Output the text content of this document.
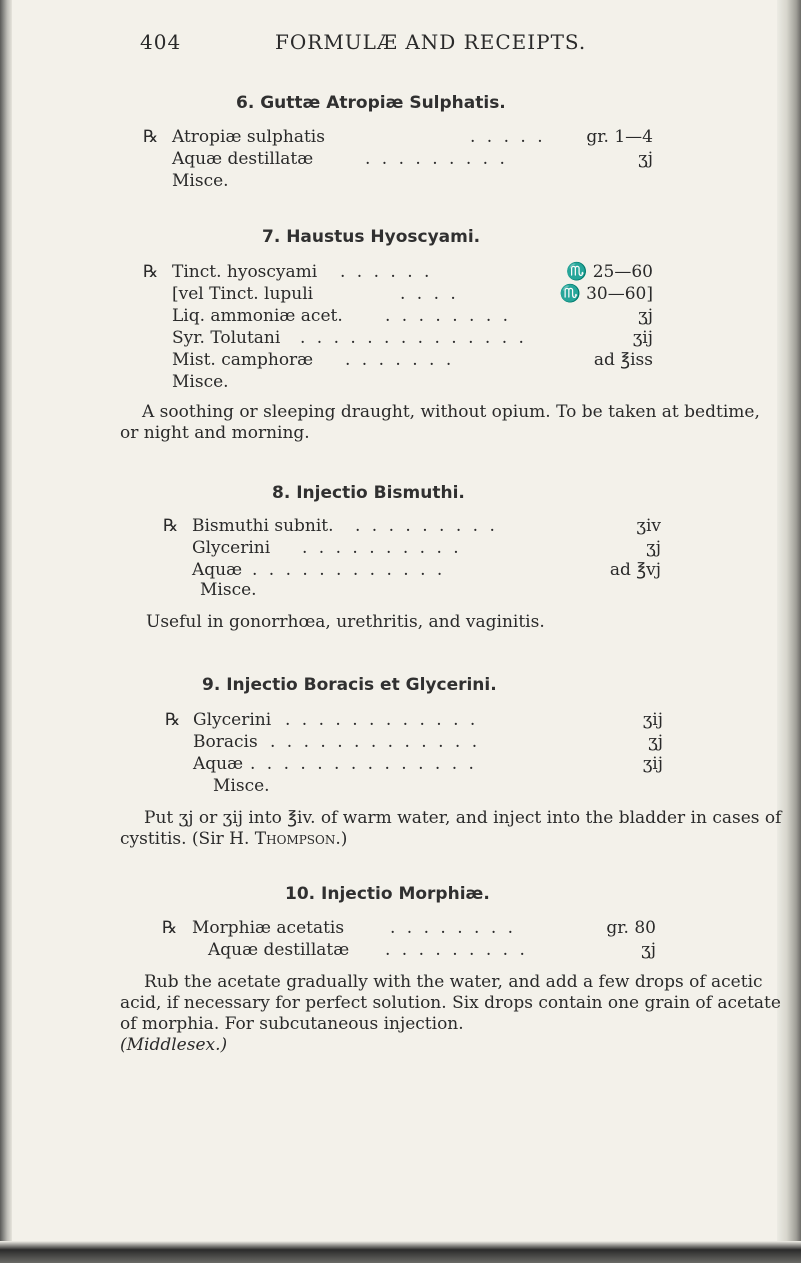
404	FORMULÆ AND RECEIPTS.
6. Guttæ Atropiæ Sulphatis.
℞ Atropiæ sulphatis	. . . . . gr. 1—4
Aquæ destillatæ	. . . . . . . . .	ʒj
Misce.
7. Haustus Hyoscyami.
℞ Tinct. hyoscyami . . . . . .	♏ 25—60
[vel Tinct. lupuli	. . . .	♏ 30—60]
Liq. ammoniæ acet. . . . . . . . .	ʒj
Syr. Tolutani . . . . . . . . . . . . . .	ʒij
Mist. camphoræ . . . . . . .	ad ℥iss
Misce.
A soothing or sleeping draught, without opium. To be taken at bedtime, or night and morning.
8. Injectio Bismuthi.
℞ Bismuthi subnit. . . . . . . . . .	ʒiv
Glycerini . . . . . . . . . .	ʒj
Aquæ . . . . . . . . . . . .	ad ℥vj
Misce.
Useful in gonorrhœa, urethritis, and vaginitis.
9. Injectio Boracis et Glycerini.
℞ Glycerini . . . . . . . . . . . .	ʒij
Boracis . . . . . . . . . . . . .	ʒj
Aquæ . . . . . . . . . . . . . .	ʒij
Misce.
Put ʒj or ʒij into ℥iv. of warm water, and inject into the bladder in cases of cystitis. (Sir H. Thompson.)
10. Injectio Morphiæ.
℞ Morphiæ acetatis	. . . . . . . .	gr. 80
Aquæ destillatæ . . . . . . . . .	ʒj
Rub the acetate gradually with the water, and add a few drops of acetic acid, if necessary for perfect solution. Six drops contain one grain of acetate of morphia. For subcutaneous injection.
(Middlesex.)
